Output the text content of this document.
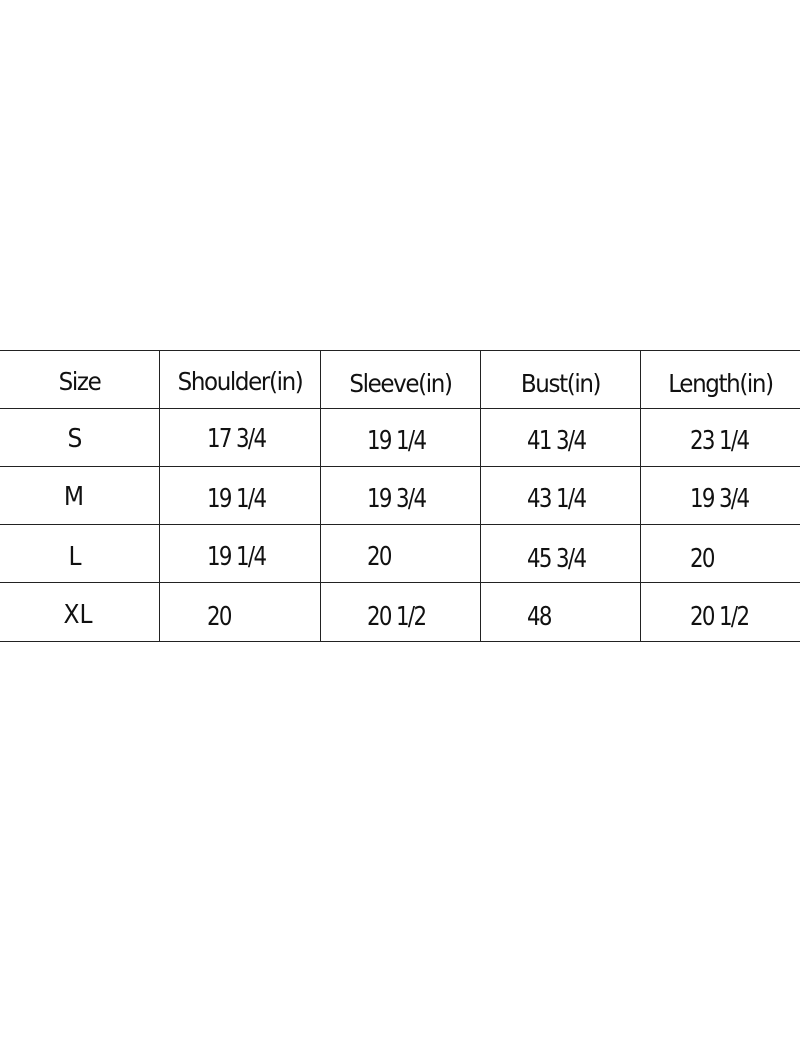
Size	Shoulder(in)	Sleeve(in)	Bust(in)	Length(in)
S	17 3/4	19 1/4	41 3/4	23 1/4
M	19 1/4	19 3/4	43 1/4	19 3/4
L	19 1/4	20	45 3/4	20
XL	20	20 1/2	48	20 1/2
